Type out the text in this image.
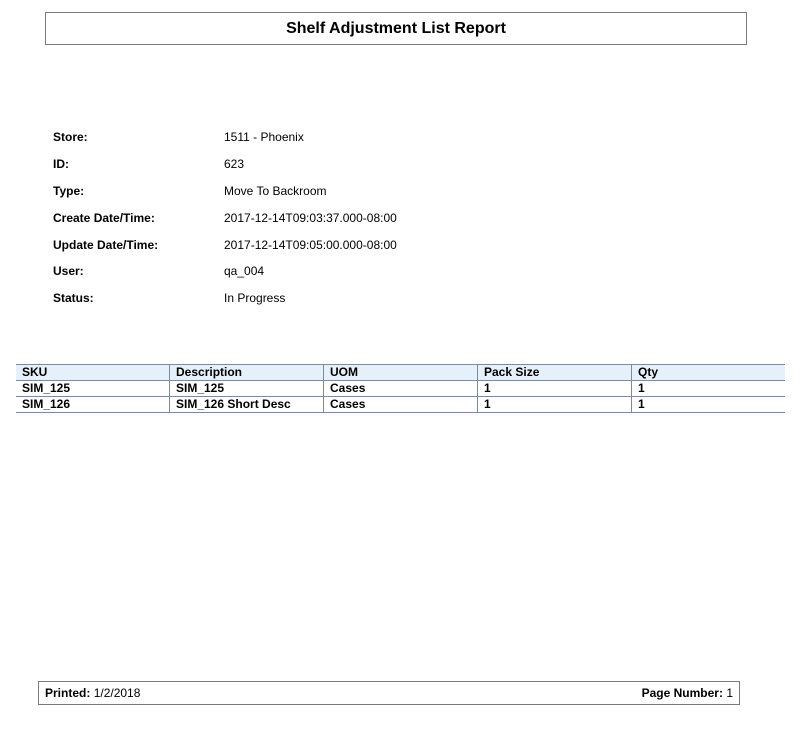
Shelf Adjustment List Report
Store:	1511 - Phoenix
ID:	623
Type:	Move To Backroom
Create Date/Time:	2017-12-14T09:03:37.000-08:00
Update Date/Time:	2017-12-14T09:05:00.000-08:00
User:	qa_004
Status:	In Progress
SKU	Description	UOM	Pack Size	Qty
SIM_125	SIM_125	Cases	1	1
SIM_126	SIM_126 Short Desc	Cases	1	1
Printed: 1/2/2018	Page Number: 1
